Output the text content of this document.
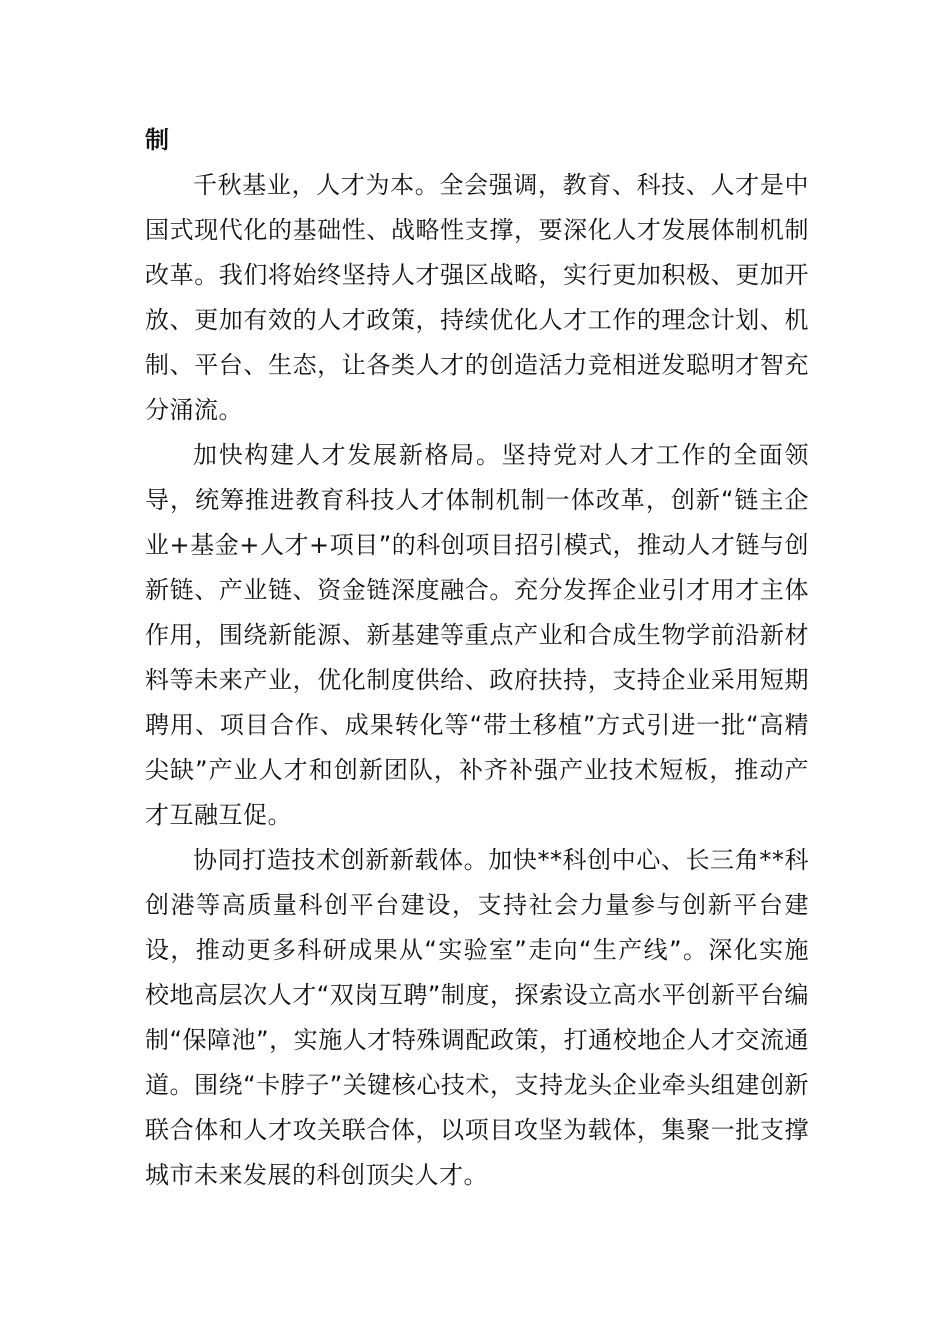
制

千秋基业，人才为本。全会强调，教育、科技、人才是中国式现代化的基础性、战略性支撑，要深化人才发展体制机制改革。我们将始终坚持人才强区战略，实行更加积极、更加开放、更加有效的人才政策，持续优化人才工作的理念计划、机制、平台、生态，让各类人才的创造活力竞相迸发聪明才智充分涌流。

加快构建人才发展新格局。坚持党对人才工作的全面领导，统筹推进教育科技人才体制机制一体改革，创新“链主企业+基金+人才+项目”的科创项目招引模式，推动人才链与创新链、产业链、资金链深度融合。充分发挥企业引才用才主体作用，围绕新能源、新基建等重点产业和合成生物学前沿新材料等未来产业，优化制度供给、政府扶持，支持企业采用短期聘用、项目合作、成果转化等“带土移植”方式引进一批“高精尖缺”产业人才和创新团队，补齐补强产业技术短板，推动产才互融互促。

协同打造技术创新新载体。加快**科创中心、长三角**科创港等高质量科创平台建设，支持社会力量参与创新平台建设，推动更多科研成果从“实验室”走向“生产线”。深化实施校地高层次人才“双岗互聘”制度，探索设立高水平创新平台编制“保障池”，实施人才特殊调配政策，打通校地企人才交流通道。围绕“卡脖子”关键核心技术，支持龙头企业牵头组建创新联合体和人才攻关联合体，以项目攻坚为载体，集聚一批支撑城市未来发展的科创顶尖人才。
